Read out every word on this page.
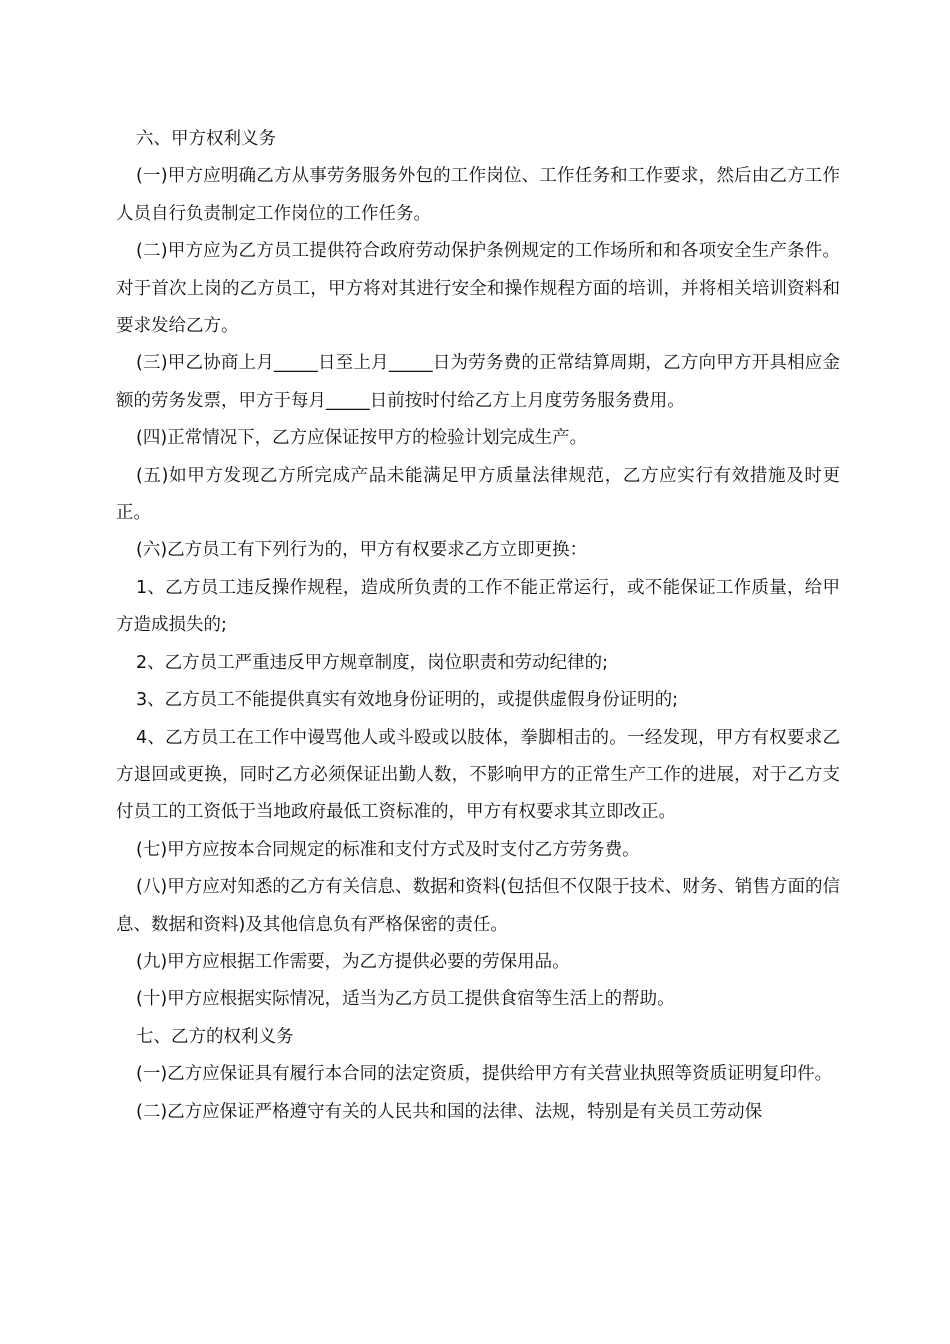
六、甲方权利义务

(一)甲方应明确乙方从事劳务服务外包的工作岗位、工作任务和工作要求，然后由乙方工作人员自行负责制定工作岗位的工作任务。

(二)甲方应为乙方员工提供符合政府劳动保护条例规定的工作场所和和各项安全生产条件。对于首次上岗的乙方员工，甲方将对其进行安全和操作规程方面的培训，并将相关培训资料和要求发给乙方。

(三)甲乙协商上月_____日至上月_____日为劳务费的正常结算周期，乙方向甲方开具相应金额的劳务发票，甲方于每月_____日前按时付给乙方上月度劳务服务费用。

(四)正常情况下，乙方应保证按甲方的检验计划完成生产。

(五)如甲方发现乙方所完成产品未能满足甲方质量法律规范，乙方应实行有效措施及时更正。

(六)乙方员工有下列行为的，甲方有权要求乙方立即更换：

1、乙方员工违反操作规程，造成所负责的工作不能正常运行，或不能保证工作质量，给甲方造成损失的;

2、乙方员工严重违反甲方规章制度，岗位职责和劳动纪律的;

3、乙方员工不能提供真实有效地身份证明的，或提供虚假身份证明的;

4、乙方员工在工作中谩骂他人或斗殴或以肢体，拳脚相击的。一经发现，甲方有权要求乙方退回或更换，同时乙方必须保证出勤人数，不影响甲方的正常生产工作的进展，对于乙方支付员工的工资低于当地政府最低工资标准的，甲方有权要求其立即改正。

(七)甲方应按本合同规定的标准和支付方式及时支付乙方劳务费。

(八)甲方应对知悉的乙方有关信息、数据和资料(包括但不仅限于技术、财务、销售方面的信息、数据和资料)及其他信息负有严格保密的责任。

(九)甲方应根据工作需要，为乙方提供必要的劳保用品。

(十)甲方应根据实际情况，适当为乙方员工提供食宿等生活上的帮助。

七、乙方的权利义务

(一)乙方应保证具有履行本合同的法定资质，提供给甲方有关营业执照等资质证明复印件。

(二)乙方应保证严格遵守有关的人民共和国的法律、法规，特别是有关员工劳动保
